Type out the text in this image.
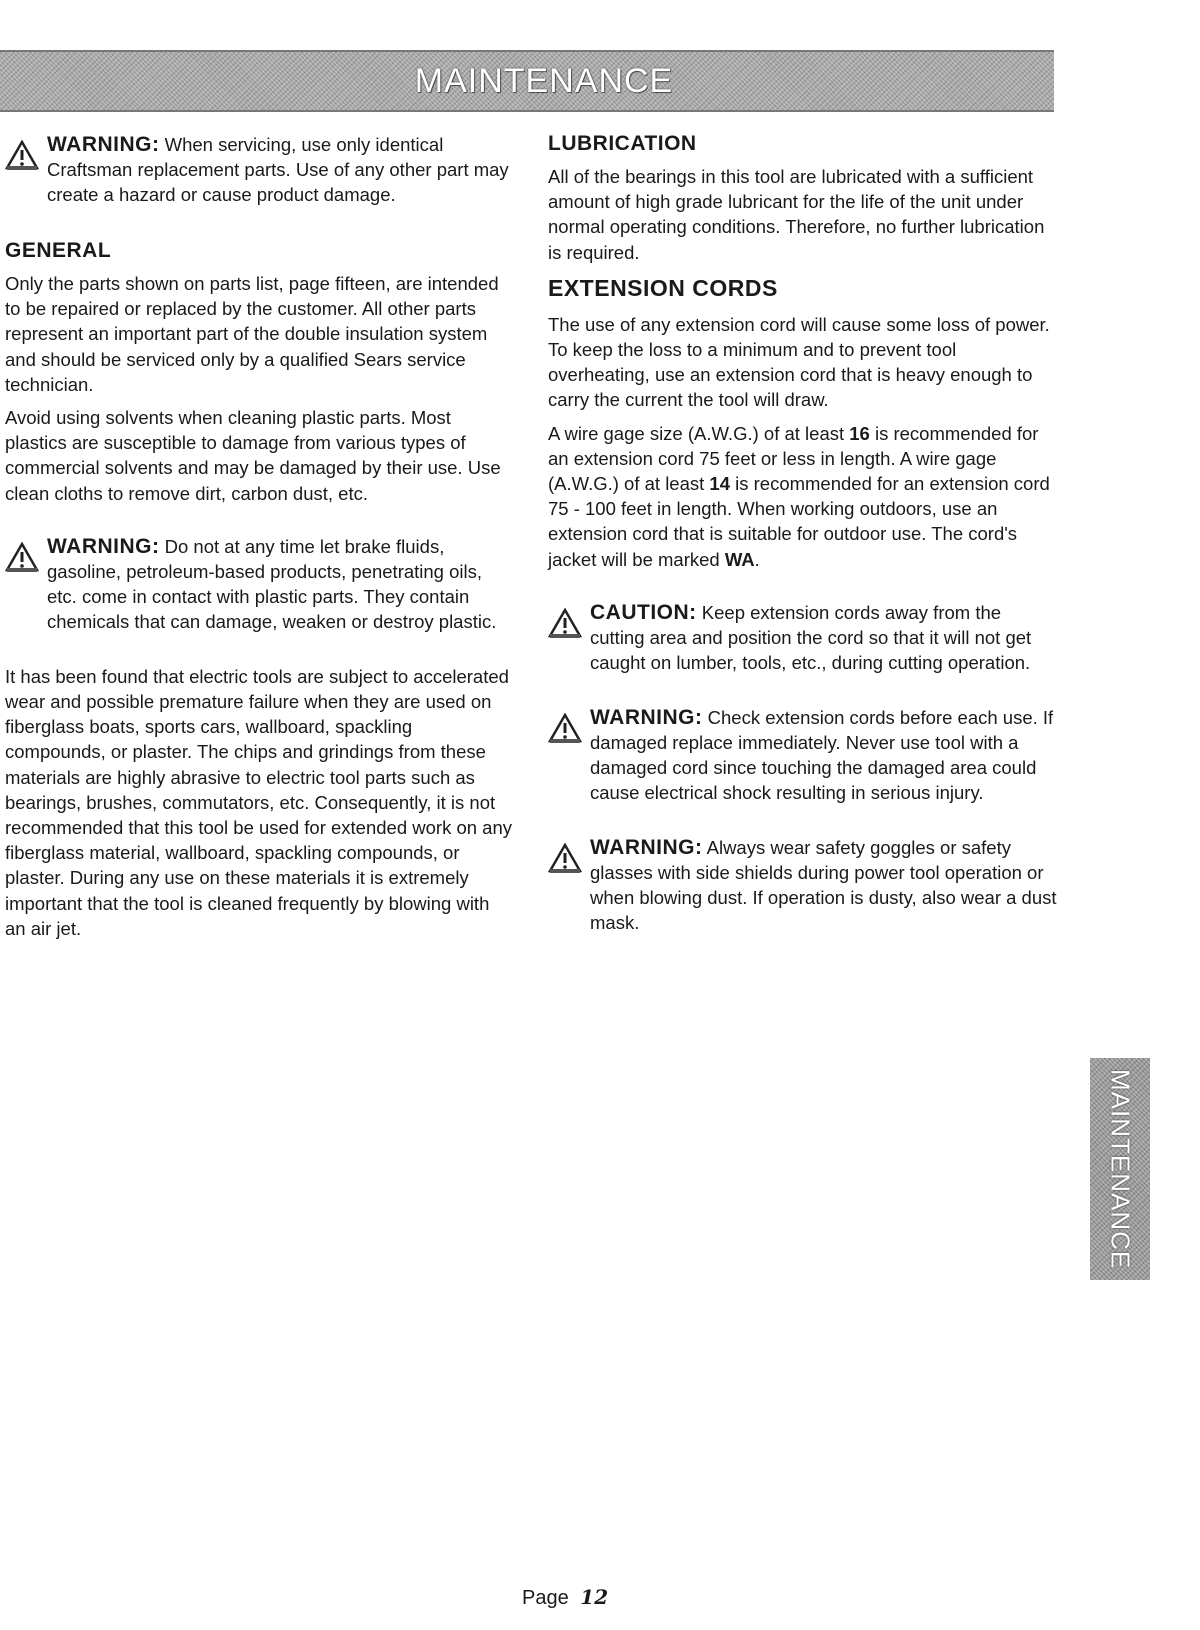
MAINTENANCE
WARNING: When servicing, use only identical Craftsman replacement parts. Use of any other part may create a hazard or cause product damage.
GENERAL

Only the parts shown on parts list, page fifteen, are intended to be repaired or replaced by the customer. All other parts represent an important part of the double insulation system and should be serviced only by a qualified Sears service technician.

Avoid using solvents when cleaning plastic parts. Most plastics are susceptible to damage from various types of commercial solvents and may be damaged by their use. Use clean cloths to remove dirt, carbon dust, etc.

WARNING: Do not at any time let brake fluids, gasoline, petroleum-based products, penetrating oils, etc. come in contact with plastic parts. They contain chemicals that can damage, weaken or destroy plastic.

It has been found that electric tools are subject to accelerated wear and possible premature failure when they are used on fiberglass boats, sports cars, wallboard, spackling compounds, or plaster. The chips and grindings from these materials are highly abrasive to electric tool parts such as bearings, brushes, commutators, etc. Consequently, it is not recommended that this tool be used for extended work on any fiberglass material, wallboard, spackling compounds, or plaster. During any use on these materials it is extremely important that the tool is cleaned frequently by blowing with an air jet.

LUBRICATION

All of the bearings in this tool are lubricated with a sufficient amount of high grade lubricant for the life of the unit under normal operating conditions. Therefore, no further lubrication is required.

EXTENSION CORDS

The use of any extension cord will cause some loss of power. To keep the loss to a minimum and to prevent tool overheating, use an extension cord that is heavy enough to carry the current the tool will draw.

A wire gage size (A.W.G.) of at least 16 is recommended for an extension cord 75 feet or less in length. A wire gage (A.W.G.) of at least 14 is recommended for an extension cord 75 - 100 feet in length. When working outdoors, use an extension cord that is suitable for outdoor use. The cord's jacket will be marked WA.

CAUTION: Keep extension cords away from the cutting area and position the cord so that it will not get caught on lumber, tools, etc., during cutting operation.
WARNING: Check extension cords before each use. If damaged replace immediately. Never use tool with a damaged cord since touching the damaged area could cause electrical shock resulting in serious injury.
WARNING: Always wear safety goggles or safety glasses with side shields during power tool operation or when blowing dust. If operation is dusty, also wear a dust mask.
MAINTENANCE
Page 12
